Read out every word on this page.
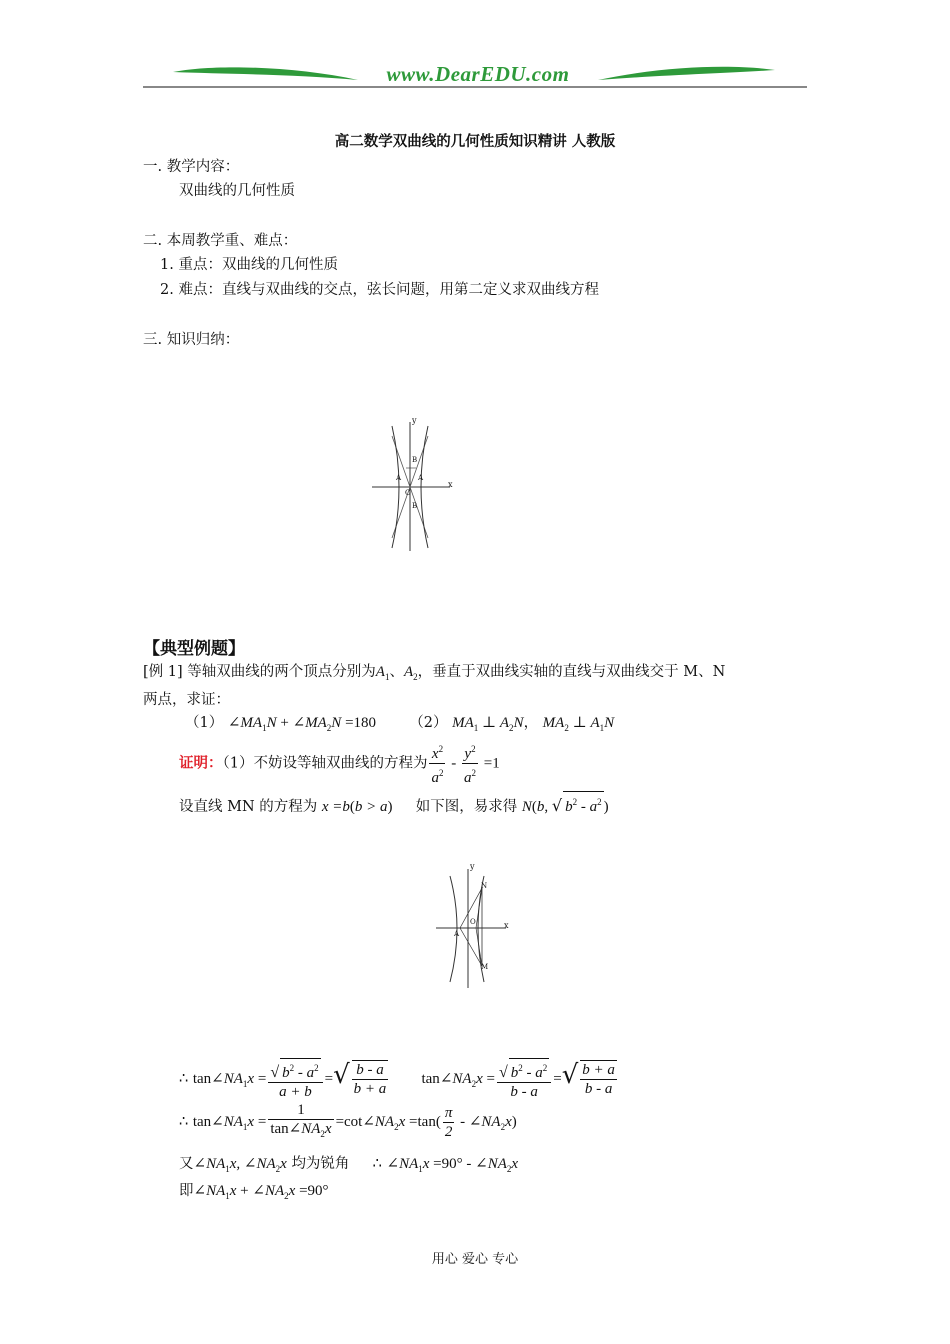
www.DearEDU.com
高二数学双曲线的几何性质知识精讲 人教版
一. 教学内容：
双曲线的几何性质
二. 本周教学重、难点：
1. 重点：双曲线的几何性质
2. 难点：直线与双曲线的交点，弦长问题，用第二定义求双曲线方程
三. 知识归纳：
y
x
B
A A
O
B
【典型例题】
[例 1] 等轴双曲线的两个顶点分别为$A_1$、$A_2$，垂直于双曲线实轴的直线与双曲线交于 M、N
两点，求证：
（1） $\angle MA_1N$ + $\angle MA_2N =180$ （2） $MA_1$ ⊥ $A_2N$， $MA_2$ ⊥ $A_1N$
证明：（1）不妨设等轴双曲线的方程为 $\frac{x^2}{a^2} - \frac{y^2}{a^2} =1$
设直线 MN 的方程为 x =b(b > a) 如下图，易求得 N(b, √ $b^2 - a^2$ )
y
x
N
M
O
A
∴ $\tan\angle NA_1x = \frac{√ b^2 - a^2}{a + b}$ =√ $\frac{b - a}{b + a}$ $\tan\angle NA_2x = \frac{√ b^2 - a^2}{b - a}$ =√ $\frac{b + a}{b - a}$
∴ $\tan\angle NA_1x = \frac{1}{\tan\angle NA_2x}$ $=\cot\angle NA_2x =\tan( \frac{\pi}{2}$ - $\angle NA_2x$)
又$\angle NA_1x$, $\angle NA_2x$ 均为锐角 ∴ $\angle NA_1x =90^\circ$ - $\angle NA_2x$
即$\angle NA_1x$ + $\angle NA_2x =90^\circ$
用心 爱心 专心
